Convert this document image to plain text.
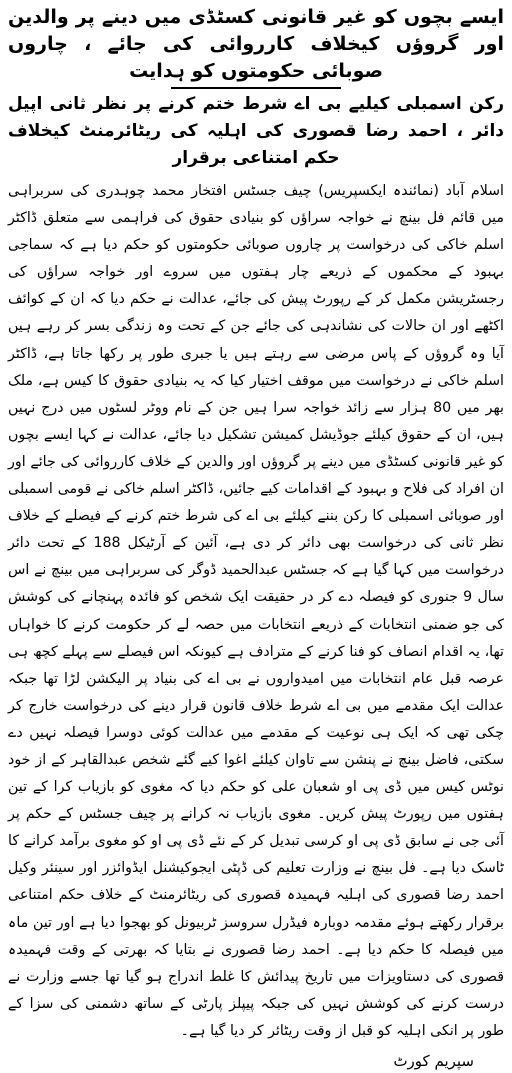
ایسے بچوں کو غیر قانونی کسٹڈی میں دینے پر والدین اور گروؤں کیخلاف کارروائی کی جائے ، چاروں صوبائی حکومتوں کو ہدایت
رکن اسمبلی کیلیے بی اے شرط ختم کرنے پر نظر ثانی اپیل دائر ، احمد رضا قصوری کی اہلیہ کی ریٹائرمنٹ کیخلاف حکم امتناعی برقرار

اسلام آباد (نمائندہ ایکسپریس) چیف جسٹس افتخار محمد چوہدری کی سربراہی میں قائم فل بینچ نے خواجہ سراؤں کو بنیادی حقوق کی فراہمی سے متعلق ڈاکٹر اسلم خاکی کی درخواست پر چاروں صوبائی حکومتوں کو حکم دیا ہے کہ سماجی بہبود کے محکموں کے ذریعے چار ہفتوں میں سروے اور خواجہ سراؤں کی رجسٹریشن مکمل کر کے رپورٹ پیش کی جائے، عدالت نے حکم دیا کہ ان کے کوائف اکٹھے اور ان حالات کی نشاندہی کی جائے جن کے تحت وہ زندگی بسر کر رہے ہیں آیا وہ گروؤں کے پاس مرضی سے رہتے ہیں یا جبری طور پر رکھا جاتا ہے، ڈاکٹر اسلم خاکی نے درخواست میں موقف اختیار کیا کہ یہ بنیادی حقوق کا کیس ہے، ملک بھر میں 80 ہزار سے زائد خواجہ سرا ہیں جن کے نام ووٹر لسٹوں میں درج نہیں ہیں، ان کے حقوق کیلئے جوڈیشل کمیشن تشکیل دیا جائے، عدالت نے کہا ایسے بچوں کو غیر قانونی کسٹڈی میں دینے پر گروؤں اور والدین کے خلاف کارروائی کی جائے اور ان افراد کی فلاح و بہبود کے اقدامات کیے جائیں، ڈاکٹر اسلم خاکی نے قومی اسمبلی اور صوبائی اسمبلی کا رکن بننے کیلئے بی اے کی شرط ختم کرنے کے فیصلے کے خلاف نظر ثانی کی درخواست بھی دائر کر دی ہے، آئین کے آرٹیکل 188 کے تحت دائر درخواست میں کہا گیا ہے کہ جسٹس عبدالحمید ڈوگر کی سربراہی میں بینچ نے اس سال 9 جنوری کو فیصلہ دے کر در حقیقت ایک شخص کو فائدہ پہنچانے کی کوشش کی جو ضمنی انتخابات کے ذریعے انتخابات میں حصہ لے کر حکومت کرنے کا خواہاں تھا، یہ اقدام انصاف کو فنا کرنے کے مترادف ہے کیونکہ اس فیصلے سے پہلے کچھ ہی عرصہ قبل عام انتخابات میں امیدواروں نے بی اے کی بنیاد پر الیکشن لڑا تھا جبکہ عدالت ایک مقدمے میں بی اے شرط خلاف قانون قرار دینے کی درخواست خارج کر چکی تھی کہ ایک ہی نوعیت کے مقدمے میں عدالت کوئی دوسرا فیصلہ نہیں دے سکتی، فاضل بینچ نے پنشن سے تاوان کیلئے اغوا کیے گئے شخص عبدالقاہر کے از خود نوٹس کیس میں ڈی پی او شعبان علی کو حکم دیا کہ مغوی کو بازیاب کرا کے تین ہفتوں میں رپورٹ پیش کریں۔ مغوی بازیاب نہ کرانے پر چیف جسٹس کے حکم پر آئی جی نے سابق ڈی پی او کرسی تبدیل کر کے نئے ڈی پی او کو مغوی برآمد کرانے کا ٹاسک دیا ہے۔ فل بینچ نے وزارت تعلیم کی ڈپٹی ایجوکیشنل ایڈوائزر اور سینئر وکیل احمد رضا قصوری کی اہلیہ فہمیدہ قصوری کی ریٹائرمنٹ کے خلاف حکم امتناعی برقرار رکھتے ہوئے مقدمہ دوبارہ فیڈرل سروسز ٹربیونل کو بھجوا دیا ہے اور تین ماہ میں فیصلہ کا حکم دیا ہے۔ احمد رضا قصوری نے بتایا کہ بھرتی کے وقت فہمیدہ قصوری کی دستاویزات میں تاریخ پیدائش کا غلط اندراج ہو گیا تھا جسے وزارت نے درست کرنے کی کوشش نہیں کی جبکہ پیپلز پارٹی کے ساتھ دشمنی کی سزا کے طور پر انکی اہلیہ کو قبل از وقت ریٹائر کر دیا گیا ہے۔

سپریم کورٹ
